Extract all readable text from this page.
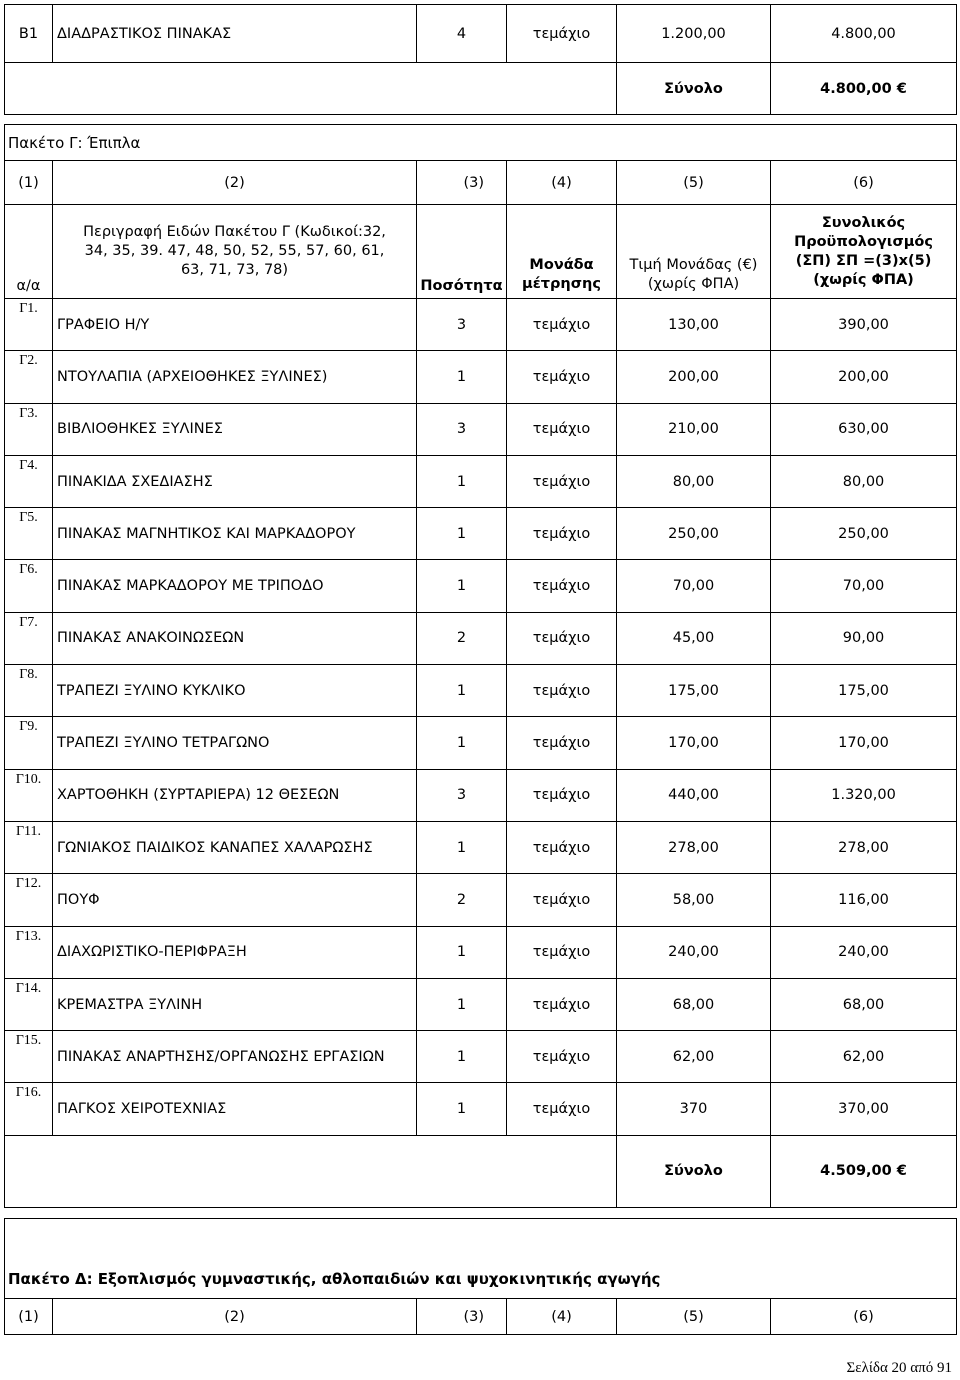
B1	ΔΙΑΔΡΑΣΤΙΚΟΣ ΠΙΝΑΚΑΣ	4	τεμάχιο	1.200,00	4.800,00
				Σύνολο	4.800,00 €
Πακέτο Γ: Έπιπλα					
(1)	(2)	(3)	(4)	(5)	(6)
α/α	Περιγραφή Ειδών Πακέτου Γ (Κωδικοί:32, 34, 35, 39. 47, 48, 50, 52, 55, 57, 60, 61, 63, 71, 73, 78)	Ποσότητα	Μονάδα μέτρησης	Τιμή Μονάδας (€) (χωρίς ΦΠΑ)	Συνολικός Προϋπολογισμός (ΣΠ) ΣΠ =(3)x(5) (χωρίς ΦΠΑ)
Γ1.	ΓΡΑΦΕΙΟ Η/Υ	3	τεμάχιο	130,00	390,00
Γ2.	ΝΤΟΥΛΑΠΙΑ (ΑΡΧΕΙΟΘΗΚΕΣ ΞΥΛΙΝΕΣ)	1	τεμάχιο	200,00	200,00
Γ3.	ΒΙΒΛΙΟΘΗΚΕΣ ΞΥΛΙΝΕΣ	3	τεμάχιο	210,00	630,00
Γ4.	ΠΙΝΑΚΙΔΑ ΣΧΕΔΙΑΣΗΣ	1	τεμάχιο	80,00	80,00
Γ5.	ΠΙΝΑΚΑΣ ΜΑΓΝΗΤΙΚΟΣ ΚΑΙ ΜΑΡΚΑΔΟΡΟΥ	1	τεμάχιο	250,00	250,00
Γ6.	ΠΙΝΑΚΑΣ ΜΑΡΚΑΔΟΡΟΥ ΜΕ ΤΡΙΠΟΔΟ	1	τεμάχιο	70,00	70,00
Γ7.	ΠΙΝΑΚΑΣ ΑΝΑΚΟΙΝΩΣΕΩΝ	2	τεμάχιο	45,00	90,00
Γ8.	ΤΡΑΠΕΖΙ ΞΥΛΙΝΟ ΚΥΚΛΙΚΟ	1	τεμάχιο	175,00	175,00
Γ9.	ΤΡΑΠΕΖΙ ΞΥΛΙΝΟ ΤΕΤΡΑΓΩΝΟ	1	τεμάχιο	170,00	170,00
Γ10.	ΧΑΡΤΟΘΗΚΗ (ΣΥΡΤΑΡΙΕΡΑ) 12 ΘΕΣΕΩΝ	3	τεμάχιο	440,00	1.320,00
Γ11.	ΓΩΝΙΑΚΟΣ ΠΑΙΔΙΚΟΣ ΚΑΝΑΠΕΣ ΧΑΛΑΡΩΣΗΣ	1	τεμάχιο	278,00	278,00
Γ12.	ΠΟΥΦ	2	τεμάχιο	58,00	116,00
Γ13.	ΔΙΑΧΩΡΙΣΤΙΚΟ-ΠΕΡΙΦΡΑΞΗ	1	τεμάχιο	240,00	240,00
Γ14.	ΚΡΕΜΑΣΤΡΑ ΞΥΛΙΝΗ	1	τεμάχιο	68,00	68,00
Γ15.	ΠΙΝΑΚΑΣ ΑΝΑΡΤΗΣΗΣ/ΟΡΓΑΝΩΣΗΣ ΕΡΓΑΣΙΩΝ	1	τεμάχιο	62,00	62,00
Γ16.	ΠΑΓΚΟΣ ΧΕΙΡΟΤΕΧΝΙΑΣ	1	τεμάχιο	370	370,00
				Σύνολο	4.509,00 €
Πακέτο Δ: Εξοπλισμός γυμναστικής, αθλοπαιδιών και ψυχοκινητικής αγωγής
(1)	(2)	(3)	(4)	(5)	(6)
Σελίδα 20 από 91
